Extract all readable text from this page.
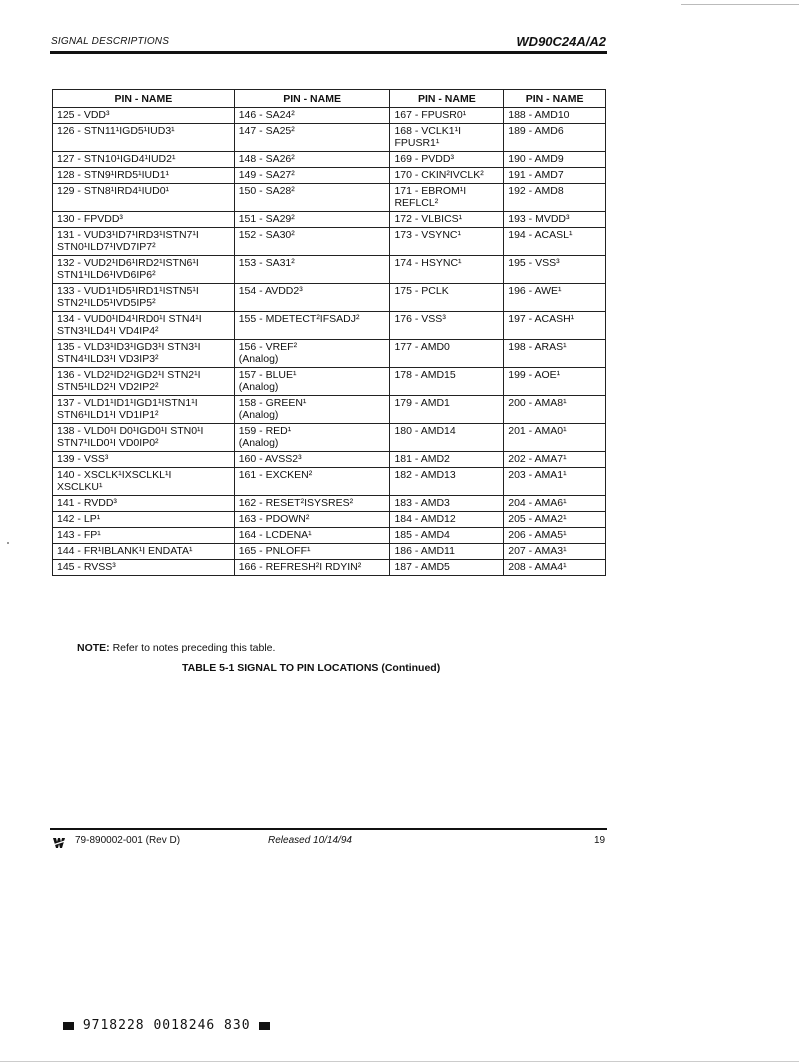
SIGNAL DESCRIPTIONS	WD90C24A/A2
PIN - NAME	PIN - NAME	PIN - NAME	PIN - NAME
125 - VDD³	146 - SA24²	167 - FPUSR0¹	188 - AMD10
126 - STN11¹IGD5¹IUD3¹	147 - SA25²	168 - VCLK1¹I
FPUSR1¹	189 - AMD6
127 - STN10¹IGD4¹IUD2¹	148 - SA26²	169 - PVDD³	190 - AMD9
128 - STN9¹IRD5¹IUD1¹	149 - SA27²	170 - CKIN²IVCLK²	191 - AMD7
129 - STN8¹IRD4¹IUD0¹	150 - SA28²	171 - EBROM¹I
REFLCL²	192 - AMD8
130 - FPVDD³	151 - SA29²	172 - VLBICS¹	193 - MVDD³
131 - VUD3¹ID7¹IRD3¹ISTN7¹I
STN0¹ILD7¹IVD7IP7²	152 - SA30²	173 - VSYNC¹	194 - ACASL¹
132 - VUD2¹ID6¹IRD2¹ISTN6¹I
STN1¹ILD6¹IVD6IP6²	153 - SA31²	174 - HSYNC¹	195 - VSS³
133 - VUD1¹ID5¹IRD1¹ISTN5¹I
STN2¹ILD5¹IVD5IP5²	154 - AVDD2³	175 - PCLK	196 - AWE¹
134 - VUD0¹ID4¹IRD0¹I STN4¹I
STN3¹ILD4¹I VD4IP4²	155 - MDETECT²IFSADJ²	176 - VSS³	197 - ACASH¹
135 - VLD3¹ID3¹IGD3¹I STN3¹I
STN4¹ILD3¹I VD3IP3²	156 - VREF²
(Analog)	177 - AMD0	198 - ARAS¹
136 - VLD2¹ID2¹IGD2¹I STN2¹I
STN5¹ILD2¹I VD2IP2²	157 - BLUE¹
(Analog)	178 - AMD15	199 - AOE¹
137 - VLD1¹ID1¹IGD1¹ISTN1¹I
STN6¹ILD1¹I VD1IP1²	158 - GREEN¹
(Analog)	179 - AMD1	200 - AMA8¹
138 - VLD0¹I D0¹IGD0¹I STN0¹I
STN7¹ILD0¹I VD0IP0²	159 - RED¹
(Analog)	180 - AMD14	201 - AMA0¹
139 - VSS³	160 - AVSS2³	181 - AMD2	202 - AMA7¹
140 - XSCLK¹IXSCLKL¹I
XSCLKU¹	161 - EXCKEN²	182 - AMD13	203 - AMA1¹
141 - RVDD³	162 - RESET²ISYSRES²	183 - AMD3	204 - AMA6¹
142 - LP¹	163 - PDOWN²	184 - AMD12	205 - AMA2¹
143 - FP¹	164 - LCDENA¹	185 - AMD4	206 - AMA5¹
144 - FR¹IBLANK¹I ENDATA¹	165 - PNLOFF¹	186 - AMD11	207 - AMA3¹
145 - RVSS³	166 - REFRESH²I RDYIN²	187 - AMD5	208 - AMA4¹
NOTE: Refer to notes preceding this table.
TABLE 5-1 SIGNAL TO PIN LOCATIONS (Continued)
79-890002-001 (Rev D)	Released 10/14/94	19
9718228 0018246 830
